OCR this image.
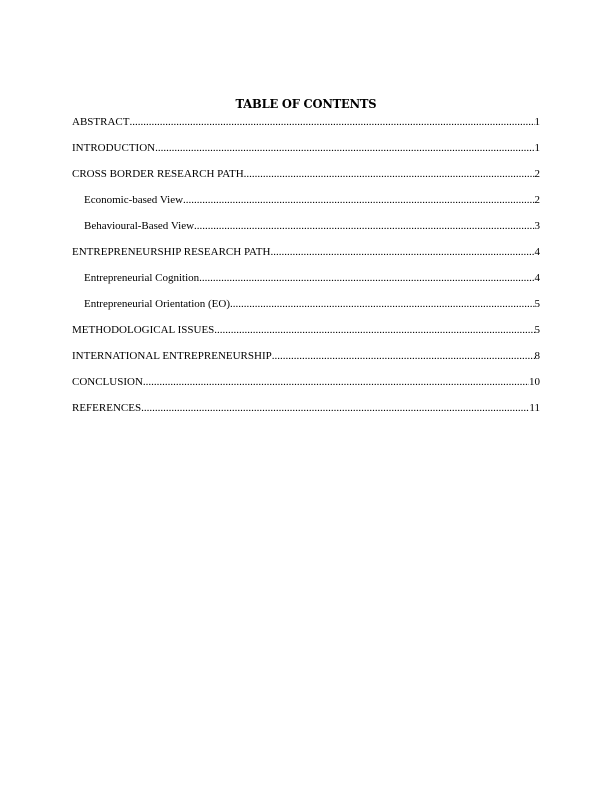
TABLE OF CONTENTS
ABSTRACT .....	1
INTRODUCTION .....	1
CROSS BORDER RESEARCH PATH .....	2
Economic-based View .....	2
Behavioural-Based View .....	3
ENTREPRENEURSHIP RESEARCH PATH .....	4
Entrepreneurial Cognition .....	4
Entrepreneurial Orientation (EO) .....	5
METHODOLOGICAL ISSUES .....	5
INTERNATIONAL ENTREPRENEURSHIP .....	8
CONCLUSION .....	10
REFERENCES .....	11
